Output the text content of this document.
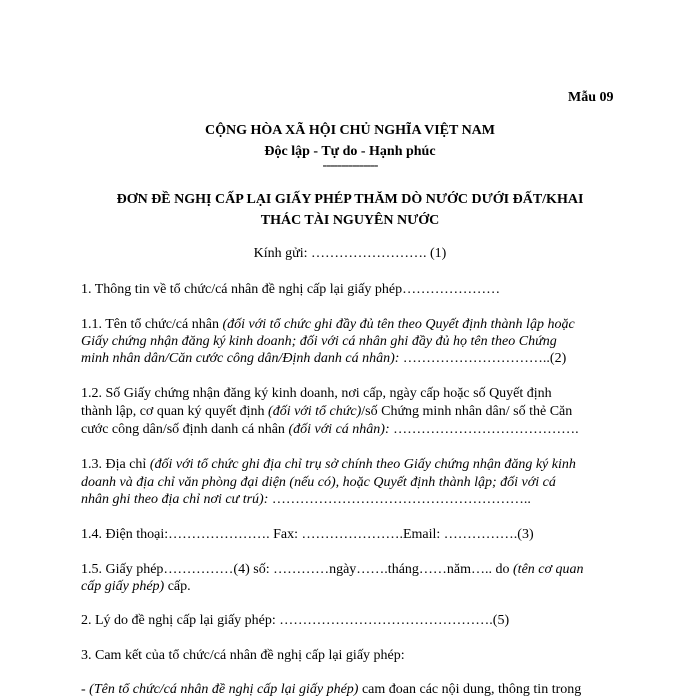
Mẫu 09
CỘNG HÒA XÃ HỘI CHỦ NGHĨA VIỆT NAM
Độc lập - Tự do - Hạnh phúc
---------------
ĐƠN ĐỀ NGHỊ CẤP LẠI GIẤY PHÉP THĂM DÒ NƯỚC DƯỚI ĐẤT/KHAI
THÁC TÀI NGUYÊN NƯỚC
Kính gửi: ……………………. (1)
1. Thông tin về tổ chức/cá nhân đề nghị cấp lại giấy phép…………………
1.1. Tên tổ chức/cá nhân (đối với tổ chức ghi đầy đủ tên theo Quyết định thành lập hoặc
Giấy chứng nhận đăng ký kinh doanh; đối với cá nhân ghi đầy đủ họ tên theo Chứng
minh nhân dân/Căn cước công dân/Định danh cá nhân): …………………………..(2)
1.2. Số Giấy chứng nhận đăng ký kinh doanh, nơi cấp, ngày cấp hoặc số Quyết định
thành lập, cơ quan ký quyết định (đối với tổ chức)/số Chứng minh nhân dân/ số thẻ Căn
cước công dân/số định danh cá nhân (đối với cá nhân): ………………………………….
1.3. Địa chỉ (đối với tổ chức ghi địa chỉ trụ sở chính theo Giấy chứng nhận đăng ký kinh
doanh và địa chỉ văn phòng đại diện (nếu có), hoặc Quyết định thành lập; đối với cá
nhân ghi theo địa chỉ nơi cư trú): ………………………………………………..
1.4. Điện thoại:…………………. Fax: ………………….Email: …………….(3)
1.5. Giấy phép……………(4) số: …………ngày…….tháng……năm….. do (tên cơ quan
cấp giấy phép) cấp.
2. Lý do đề nghị cấp lại giấy phép: ……………………………………….(5)
3. Cam kết của tổ chức/cá nhân đề nghị cấp lại giấy phép:
- (Tên tổ chức/cá nhân đề nghị cấp lại giấy phép) cam đoan các nội dung, thông tin trong
